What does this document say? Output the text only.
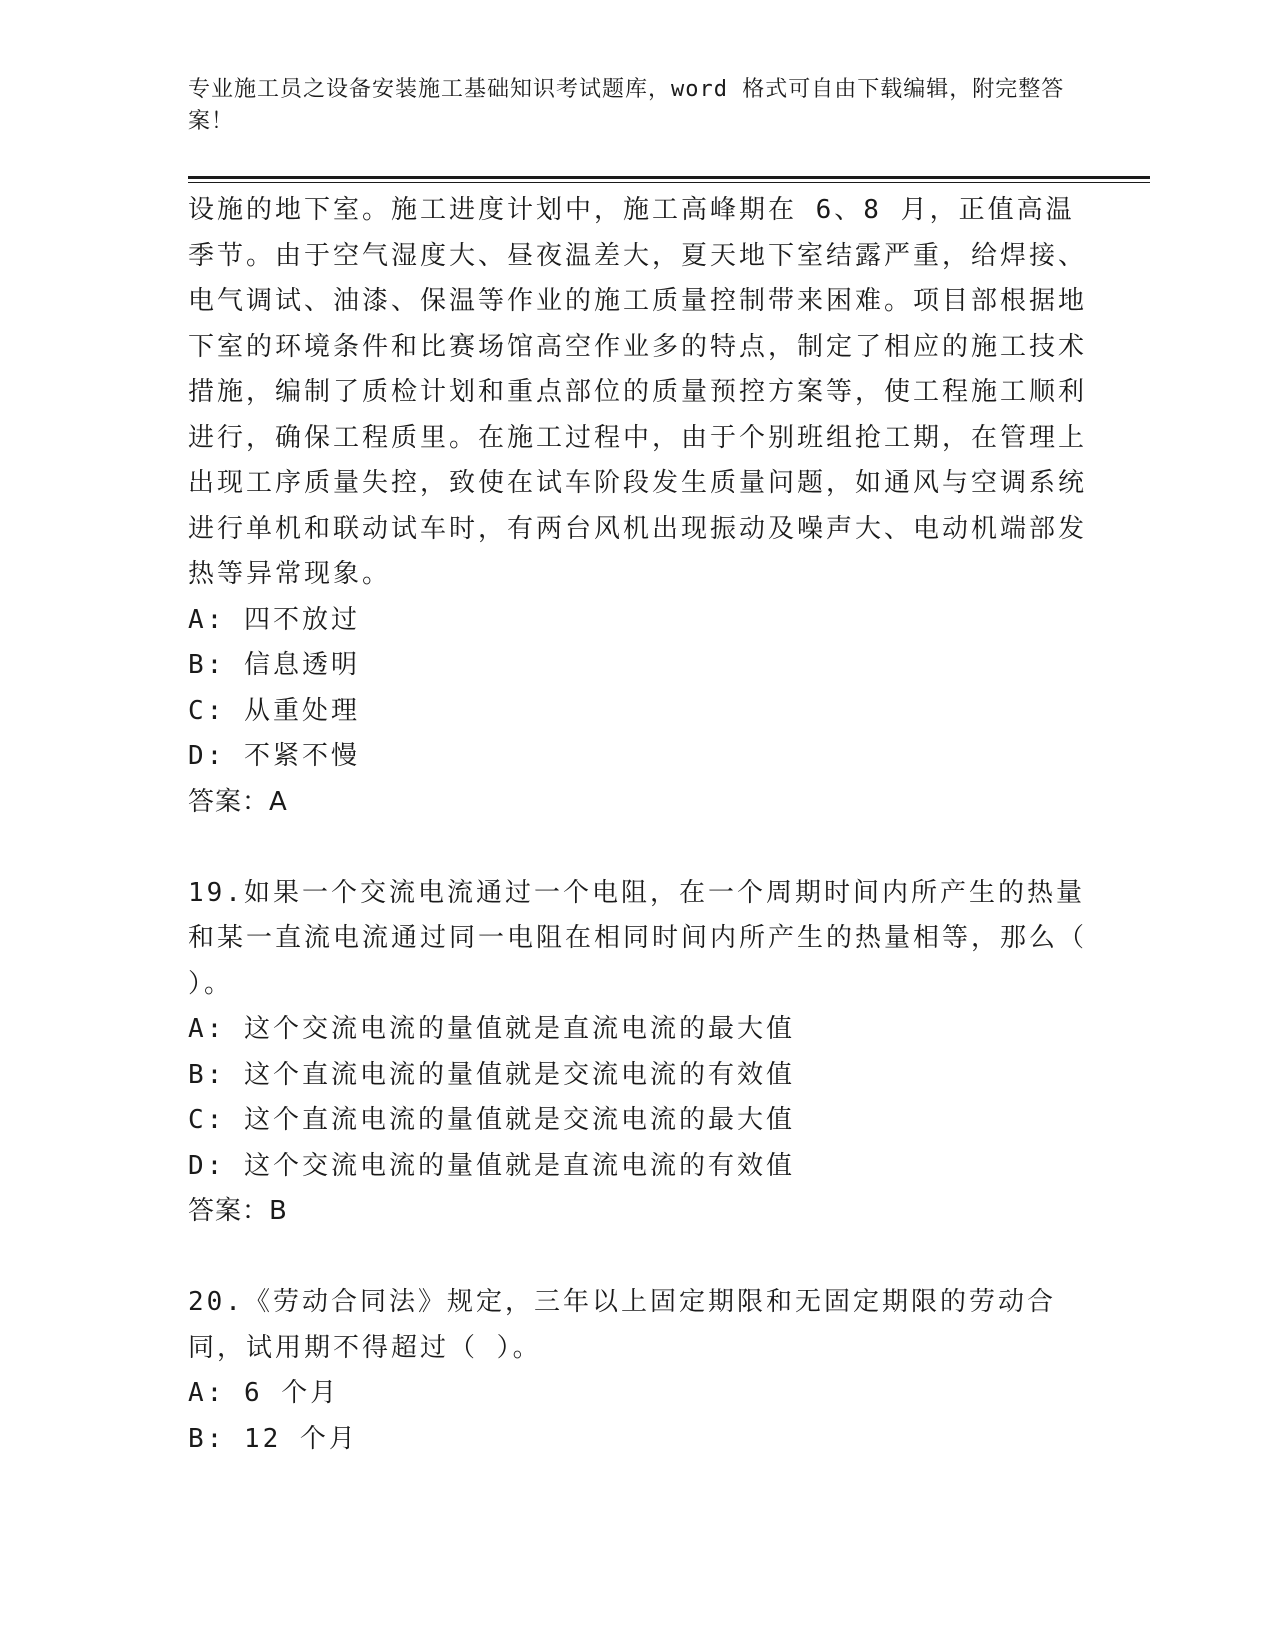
专业施工员之设备安装施工基础知识考试题库，word 格式可自由下载编辑，附完整答案！

设施的地下室。施工进度计划中，施工高峰期在 6、8 月，正值高温季节。由于空气湿度大、昼夜温差大，夏天地下室结露严重，给焊接、电气调试、油漆、保温等作业的施工质量控制带来困难。项目部根据地下室的环境条件和比赛场馆高空作业多的特点，制定了相应的施工技术措施，编制了质检计划和重点部位的质量预控方案等，使工程施工顺利进行，确保工程质里。在施工过程中，由于个别班组抢工期，在管理上出现工序质量失控，致使在试车阶段发生质量问题，如通风与空调系统进行单机和联动试车时，有两台风机出现振动及噪声大、电动机端部发热等异常现象。

A: 四不放过

B: 信息透明

C: 从重处理

D: 不紧不慢

答案：A

19.如果一个交流电流通过一个电阻，在一个周期时间内所产生的热量和某一直流电流通过同一电阻在相同时间内所产生的热量相等，那么（ ）。

A: 这个交流电流的量值就是直流电流的最大值

B: 这个直流电流的量值就是交流电流的有效值

C: 这个直流电流的量值就是交流电流的最大值

D: 这个交流电流的量值就是直流电流的有效值

答案：B

20.《劳动合同法》规定，三年以上固定期限和无固定期限的劳动合同，试用期不得超过（ ）。

A: 6 个月

B: 12 个月
